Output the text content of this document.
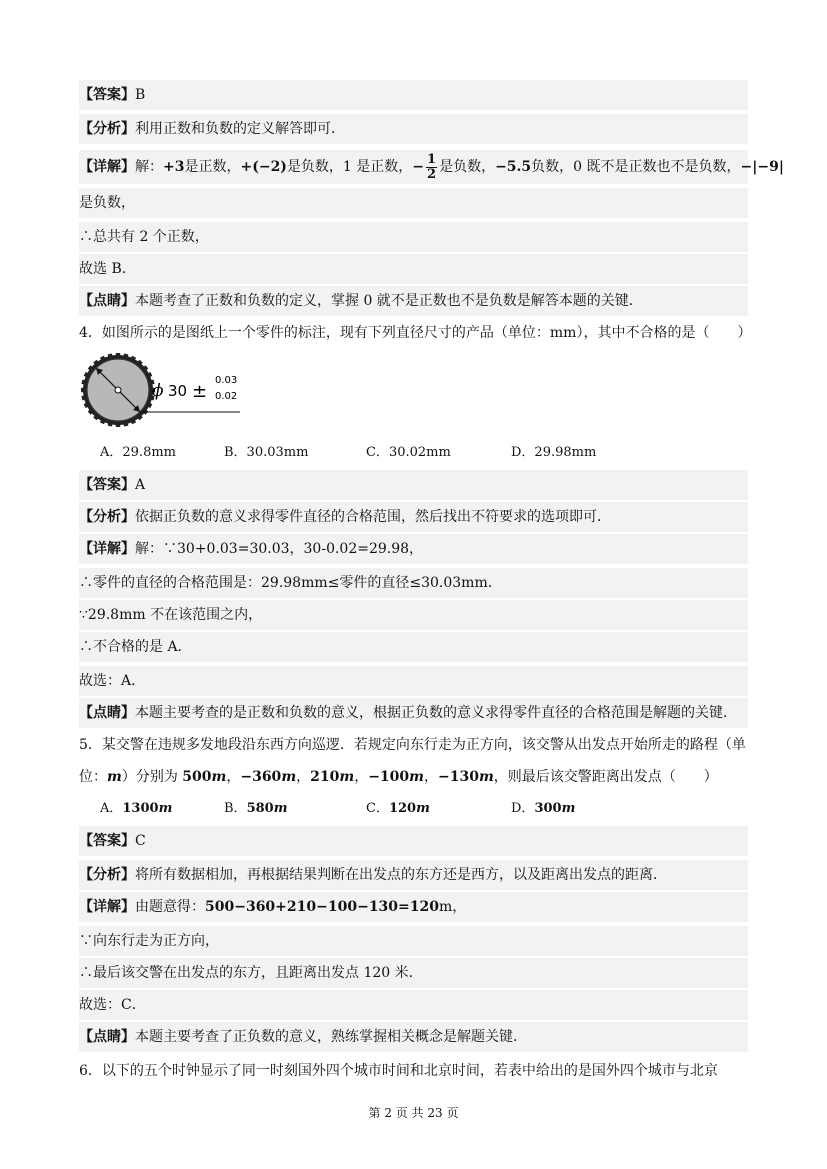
【答案】B
【分析】利用正数和负数的定义解答即可．
【详解】解：+3是正数，+(−2)是负数，1 是正数，− $\frac{1}{2}$ 是负数，−5.5负数，0 既不是正数也不是负数，−|−9|
是负数，
∴总共有 2 个正数，
故选 B．
【点睛】本题考查了正数和负数的定义，掌握 0 就不是正数也不是负数是解答本题的关键．
4．如图所示的是图纸上一个零件的标注，现有下列直径尺寸的产品（单位：mm），其中不合格的是（　　）
ϕ 30 ±
0.03
0.02
A．29.8mm	B．30.03mm	C．30.02mm	D．29.98mm
【答案】A
【分析】依据正负数的意义求得零件直径的合格范围，然后找出不符要求的选项即可．
【详解】解：∵30+0.03=30.03，30-0.02=29.98，
∴零件的直径的合格范围是：29.98mm≤零件的直径≤30.03mm．
∵29.8mm 不在该范围之内，
∴不合格的是 A．
故选：A．
【点睛】本题主要考查的是正数和负数的意义，根据正负数的意义求得零件直径的合格范围是解题的关键．
5．某交警在违规多发地段沿东西方向巡逻．若规定向东行走为正方向，该交警从出发点开始所走的路程（单
位：m）分别为 500m，−360m，210m，−100m，−130m，则最后该交警距离出发点（　　）
A．1300m	B．580m	C．120m	D．300m
【答案】C
【分析】将所有数据相加，再根据结果判断在出发点的东方还是西方，以及距离出发点的距离．
【详解】由题意得：500−360+210−100−130=120m，
∵向东行走为正方向，
∴最后该交警在出发点的东方，且距离出发点 120 米．
故选：C．
【点睛】本题主要考查了正负数的意义，熟练掌握相关概念是解题关键．
6．以下的五个时钟显示了同一时刻国外四个城市时间和北京时间，若表中给出的是国外四个城市与北京
第 2 页 共 23 页
